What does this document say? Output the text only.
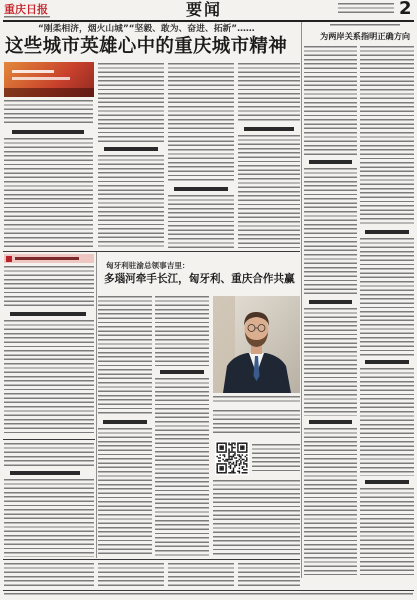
重庆日报	要闻	2
“刚柔相济，烟火山城”“坚毅、敢为、奋进、拓新”……
这些城市英雄心中的重庆城市精神
匈牙利驻渝总领事吉里：
多瑙河牵手长江，匈牙利、重庆合作共赢
为两岸关系指明正确方向
